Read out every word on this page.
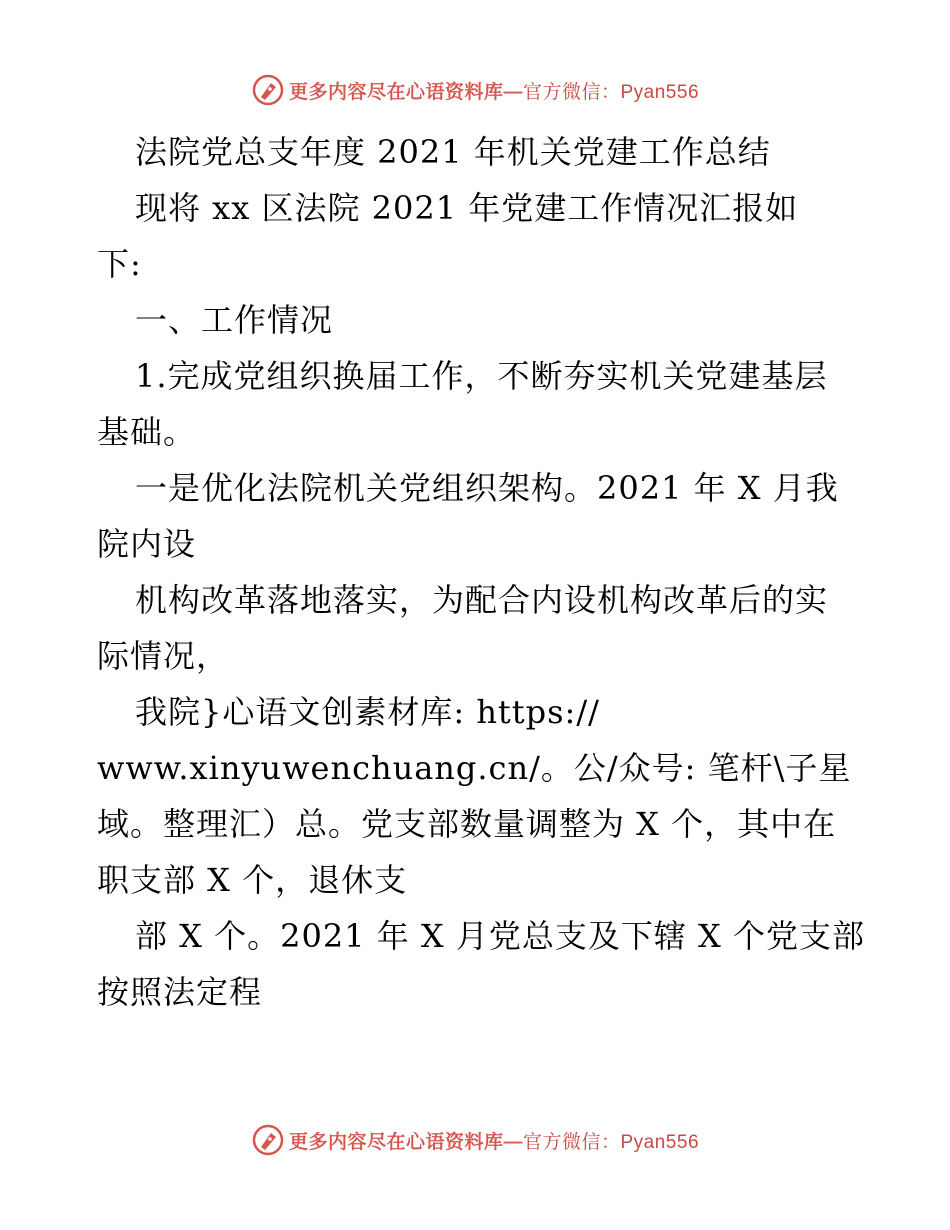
更多内容尽在心语资料库—官方微信：Pyan556
法院党总支年度 2021 年机关党建工作总结
现将 xx 区法院 2021 年党建工作情况汇报如
下:
一、工作情况
1.完成党组织换届工作，不断夯实机关党建基层
基础。
一是优化法院机关党组织架构。2021 年 X 月我
院内设
机构改革落地落实，为配合内设机构改革后的实
际情况，
我院}心语文创素材库: https://
www.xinyuwenchuang.cn/。公/众号: 笔杆\子星
域。整理汇）总。党支部数量调整为 X 个，其中在
职支部 X 个，退休支
部 X 个。2021 年 X 月党总支及下辖 X 个党支部
按照法定程
更多内容尽在心语资料库—官方微信：Pyan556
